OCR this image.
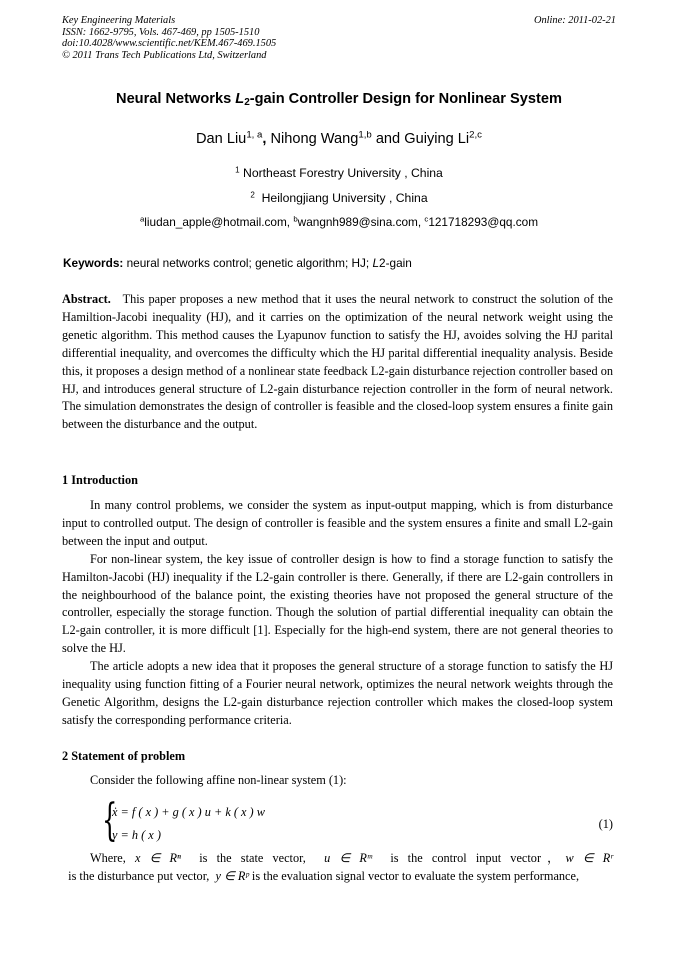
Key Engineering Materials
ISSN: 1662-9795, Vols. 467-469, pp 1505-1510
doi:10.4028/www.scientific.net/KEM.467-469.1505
© 2011 Trans Tech Publications Ltd, Switzerland
Online: 2011-02-21
Neural Networks $L_2$-gain Controller Design for Nonlinear System
Dan Liu$^{1, a}$, Nihong Wang$^{1,b}$ and Guiying Li$^{2,c}$
$^1$ Northeast Forestry University , China
$^2$  Heilongjiang University , China
$^a$liudan_apple@hotmail.com, $^b$wangnh989@sina.com, $^c$121718293@qq.com
Keywords: neural networks control; genetic algorithm; HJ; L2-gain

Abstract. This paper proposes a new method that it uses the neural network to construct the solution of the Hamiltion-Jacobi inequality (HJ), and it carries on the optimization of the neural network weight using the genetic algorithm. This method causes the Lyapunov function to satisfy the HJ, avoides solving the HJ parital differential inequality, and overcomes the difficulty which the HJ parital differential inequality analysis. Beside this, it proposes a design method of a nonlinear state feedback L2-gain disturbance rejection controller based on HJ, and introduces general structure of L2-gain disturbance rejection controller in the form of neural network. The simulation demonstrates the design of controller is feasible and the closed-loop system ensures a finite gain between the disturbance and the output.

1 Introduction

In many control problems, we consider the system as input-output mapping, which is from disturbance input to controlled output. The design of controller is feasible and the system ensures a finite and small L2-gain between the input and output.

For non-linear system, the key issue of controller design is how to find a storage function to satisfy the Hamilton-Jacobi (HJ) inequality if the L2-gain controller is there. Generally, if there are L2-gain controllers in the neighbourhood of the balance point, the existing theories have not proposed the general structure of the controller, especially the storage function. Though the solution of partial differential inequality can obtain the L2-gain controller, it is more difficult [1]. Especially for the high-end system, there are not general theories to solve the HJ.

The article adopts a new idea that it proposes the general structure of a storage function to satisfy the HJ inequality using function fitting of a Fourier neural network, optimizes the neural network weights through the Genetic Algorithm, designs the L2-gain disturbance rejection controller which makes the closed-loop system satisfy the corresponding performance criteria.

2 Statement of problem

Consider the following affine non-linear system (1):

{
ẋ = f ( x ) + g ( x ) u + k ( x ) w
y = h ( x )
(1)

Where, x ∈ Rⁿ  is the state vector,  u ∈ Rᵐ  is the control input vector，w ∈ Rʳ  is the disturbance put vector,  y ∈ Rᵖ is the evaluation signal vector to evaluate the system performance,
